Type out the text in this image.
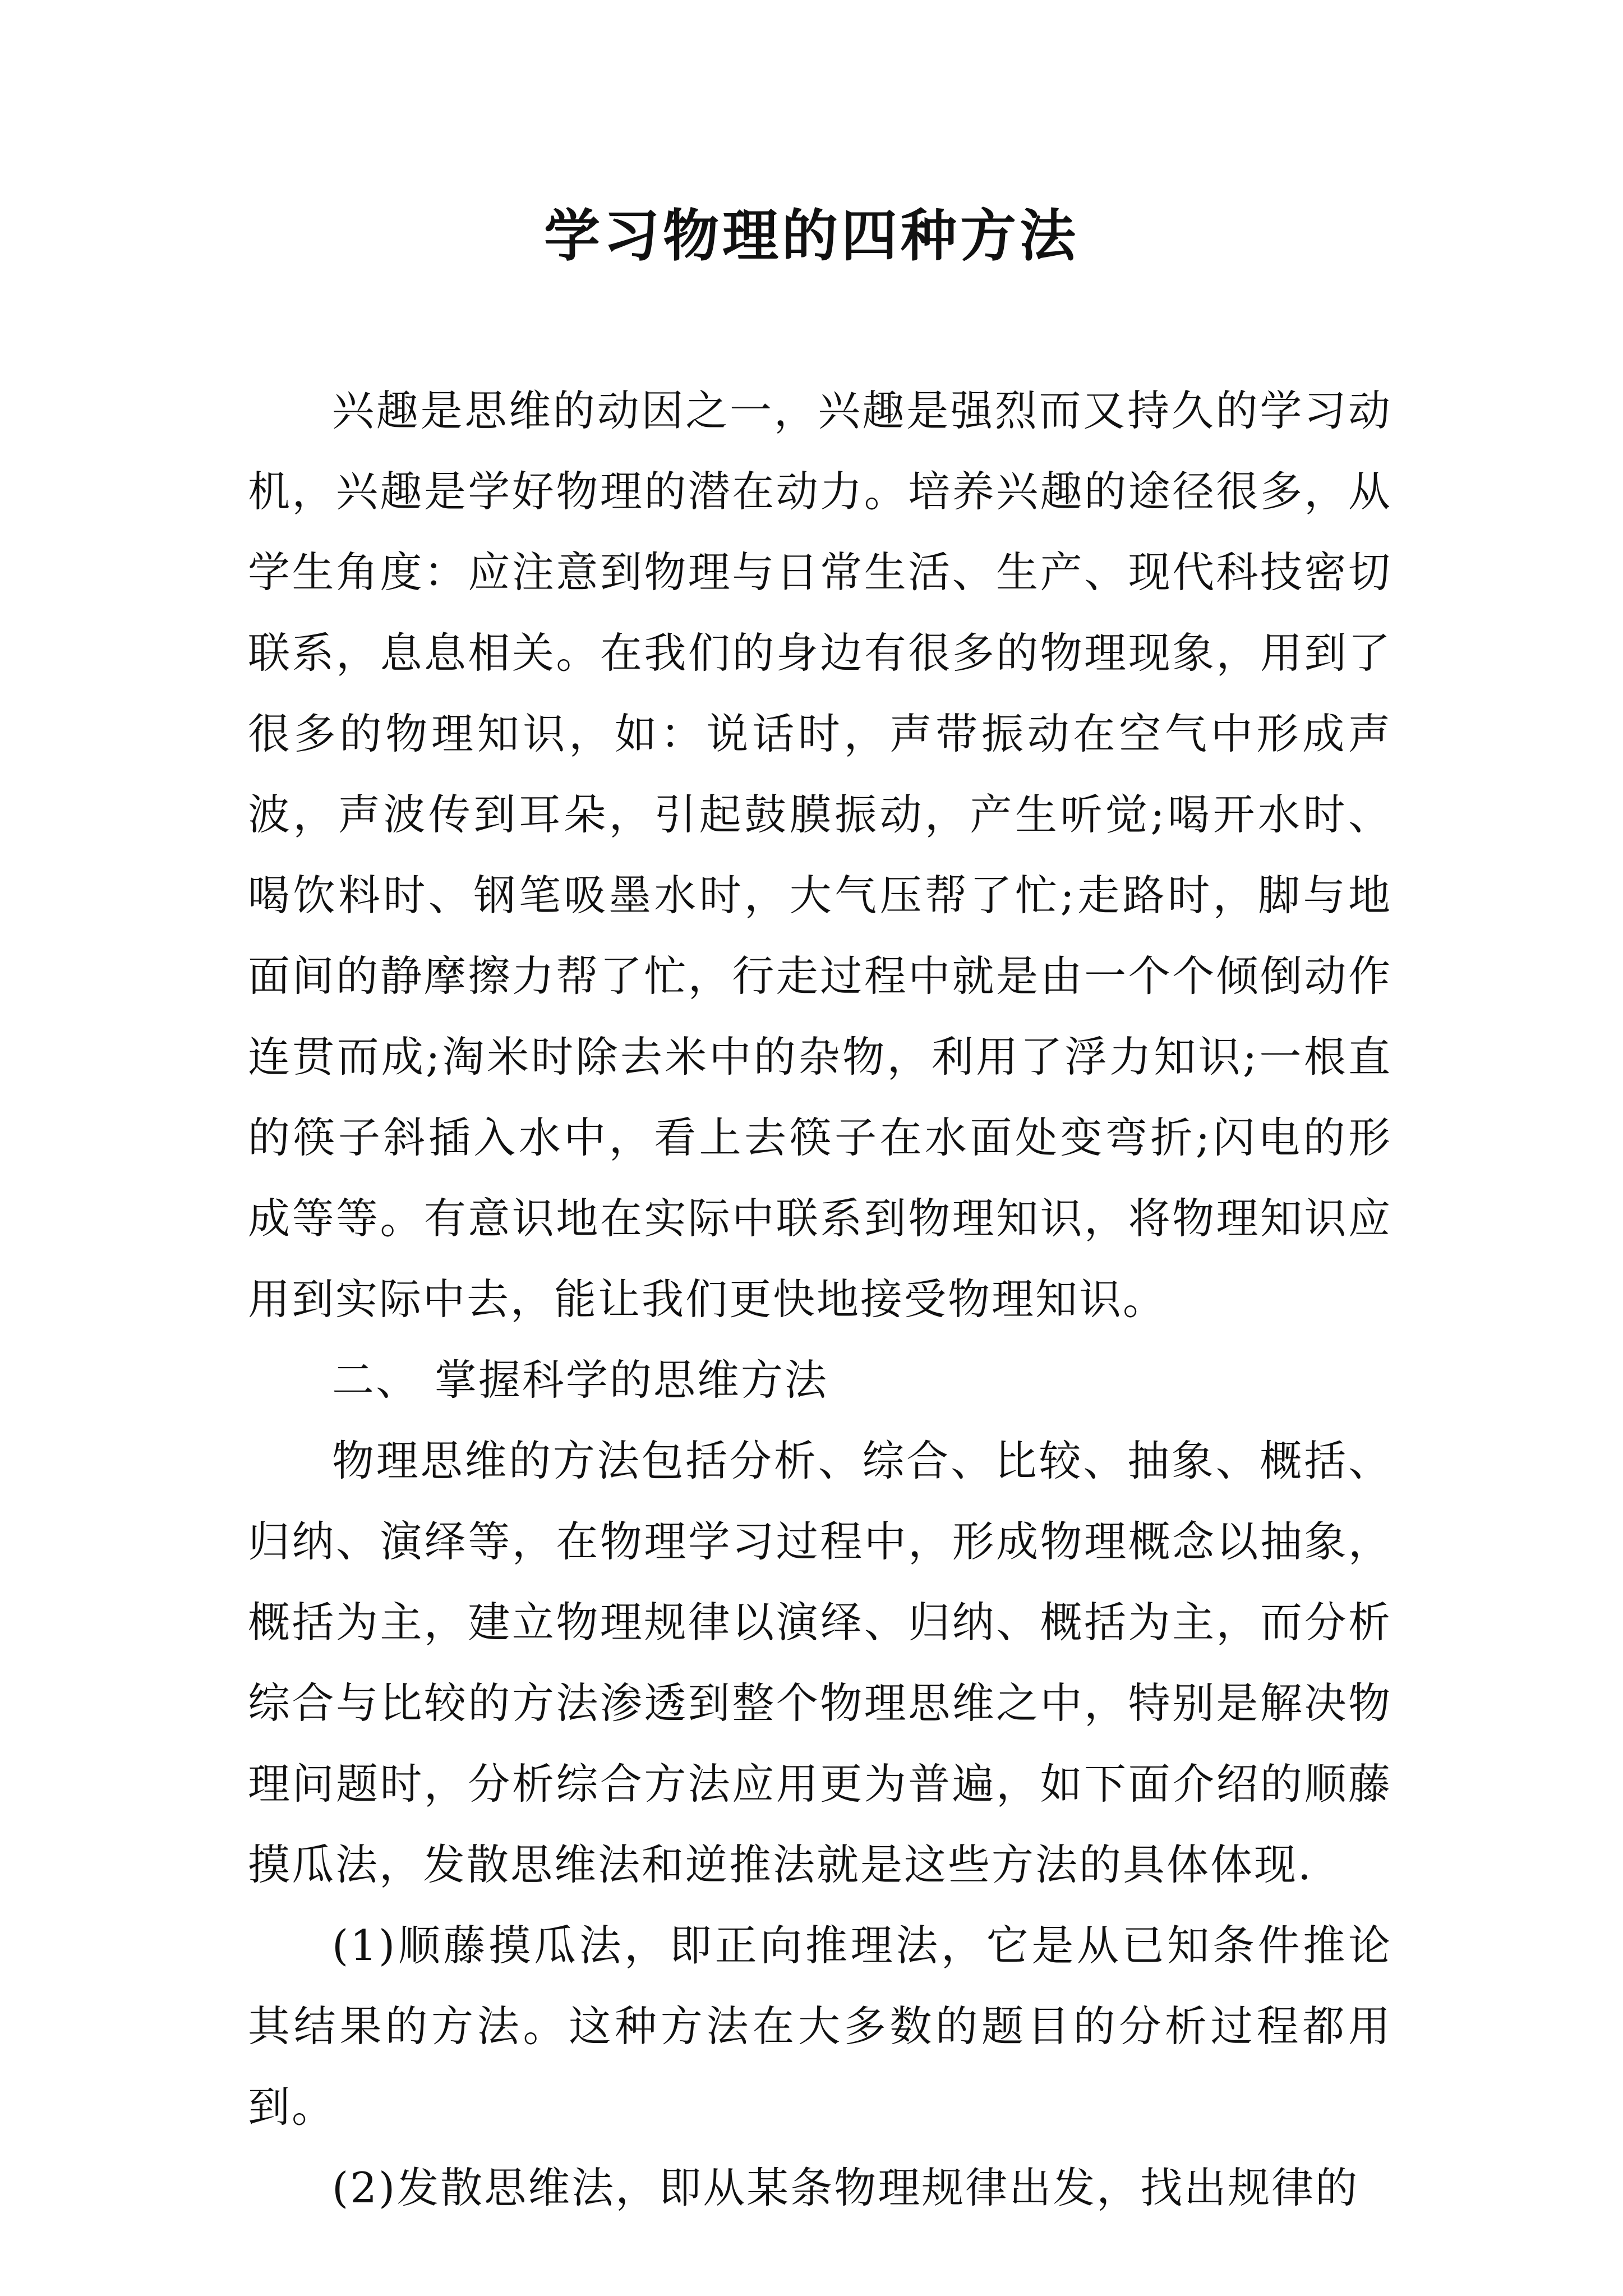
学习物理的四种方法

兴趣是思维的动因之一，兴趣是强烈而又持久的学习动机，兴趣是学好物理的潜在动力。培养兴趣的途径很多，从学生角度：应注意到物理与日常生活、生产、现代科技密切联系，息息相关。在我们的身边有很多的物理现象，用到了很多的物理知识，如：说话时，声带振动在空气中形成声波，声波传到耳朵，引起鼓膜振动，产生听觉;喝开水时、喝饮料时、钢笔吸墨水时，大气压帮了忙;走路时，脚与地面间的静摩擦力帮了忙，行走过程中就是由一个个倾倒动作连贯而成;淘米时除去米中的杂物，利用了浮力知识;一根直的筷子斜插入水中，看上去筷子在水面处变弯折;闪电的形成等等。有意识地在实际中联系到物理知识，将物理知识应用到实际中去，能让我们更快地接受物理知识。

二、 掌握科学的思维方法

物理思维的方法包括分析、综合、比较、抽象、概括、归纳、演绎等，在物理学习过程中，形成物理概念以抽象，概括为主，建立物理规律以演绎、归纳、概括为主，而分析综合与比较的方法渗透到整个物理思维之中，特别是解决物理问题时，分析综合方法应用更为普遍，如下面介绍的顺藤摸瓜法，发散思维法和逆推法就是这些方法的具体体现.

(1)顺藤摸瓜法，即正向推理法，它是从已知条件推论其结果的方法。这种方法在大多数的题目的分析过程都用到。

(2)发散思维法，即从某条物理规律出发，找出规律的
